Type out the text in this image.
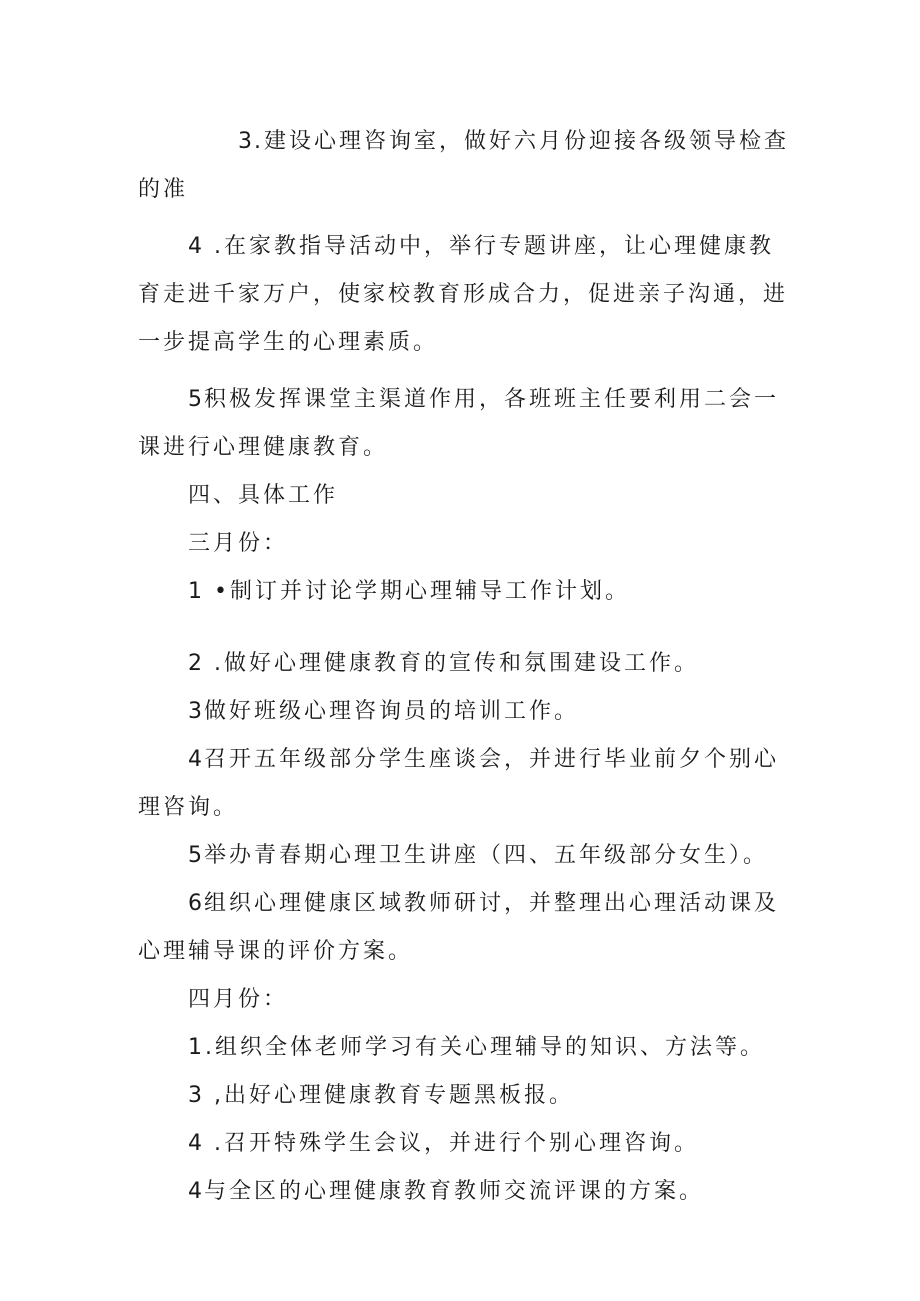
3.建设心理咨询室，做好六月份迎接各级领导检查的准

4 .在家教指导活动中，举行专题讲座，让心理健康教育走进千家万户，使家校教育形成合力，促进亲子沟通，进一步提高学生的心理素质。

5积极发挥课堂主渠道作用，各班班主任要利用二会一课进行心理健康教育。

四、具体工作

三月份：

1 •制订并讨论学期心理辅导工作计划。

2 .做好心理健康教育的宣传和氛围建设工作。

3做好班级心理咨询员的培训工作。

4召开五年级部分学生座谈会，并进行毕业前夕个别心理咨询。

5举办青春期心理卫生讲座（四、五年级部分女生）。

6组织心理健康区域教师研讨，并整理出心理活动课及心理辅导课的评价方案。

四月份：

1.组织全体老师学习有关心理辅导的知识、方法等。

3 ,出好心理健康教育专题黑板报。

4 .召开特殊学生会议，并进行个别心理咨询。

4与全区的心理健康教育教师交流评课的方案。
